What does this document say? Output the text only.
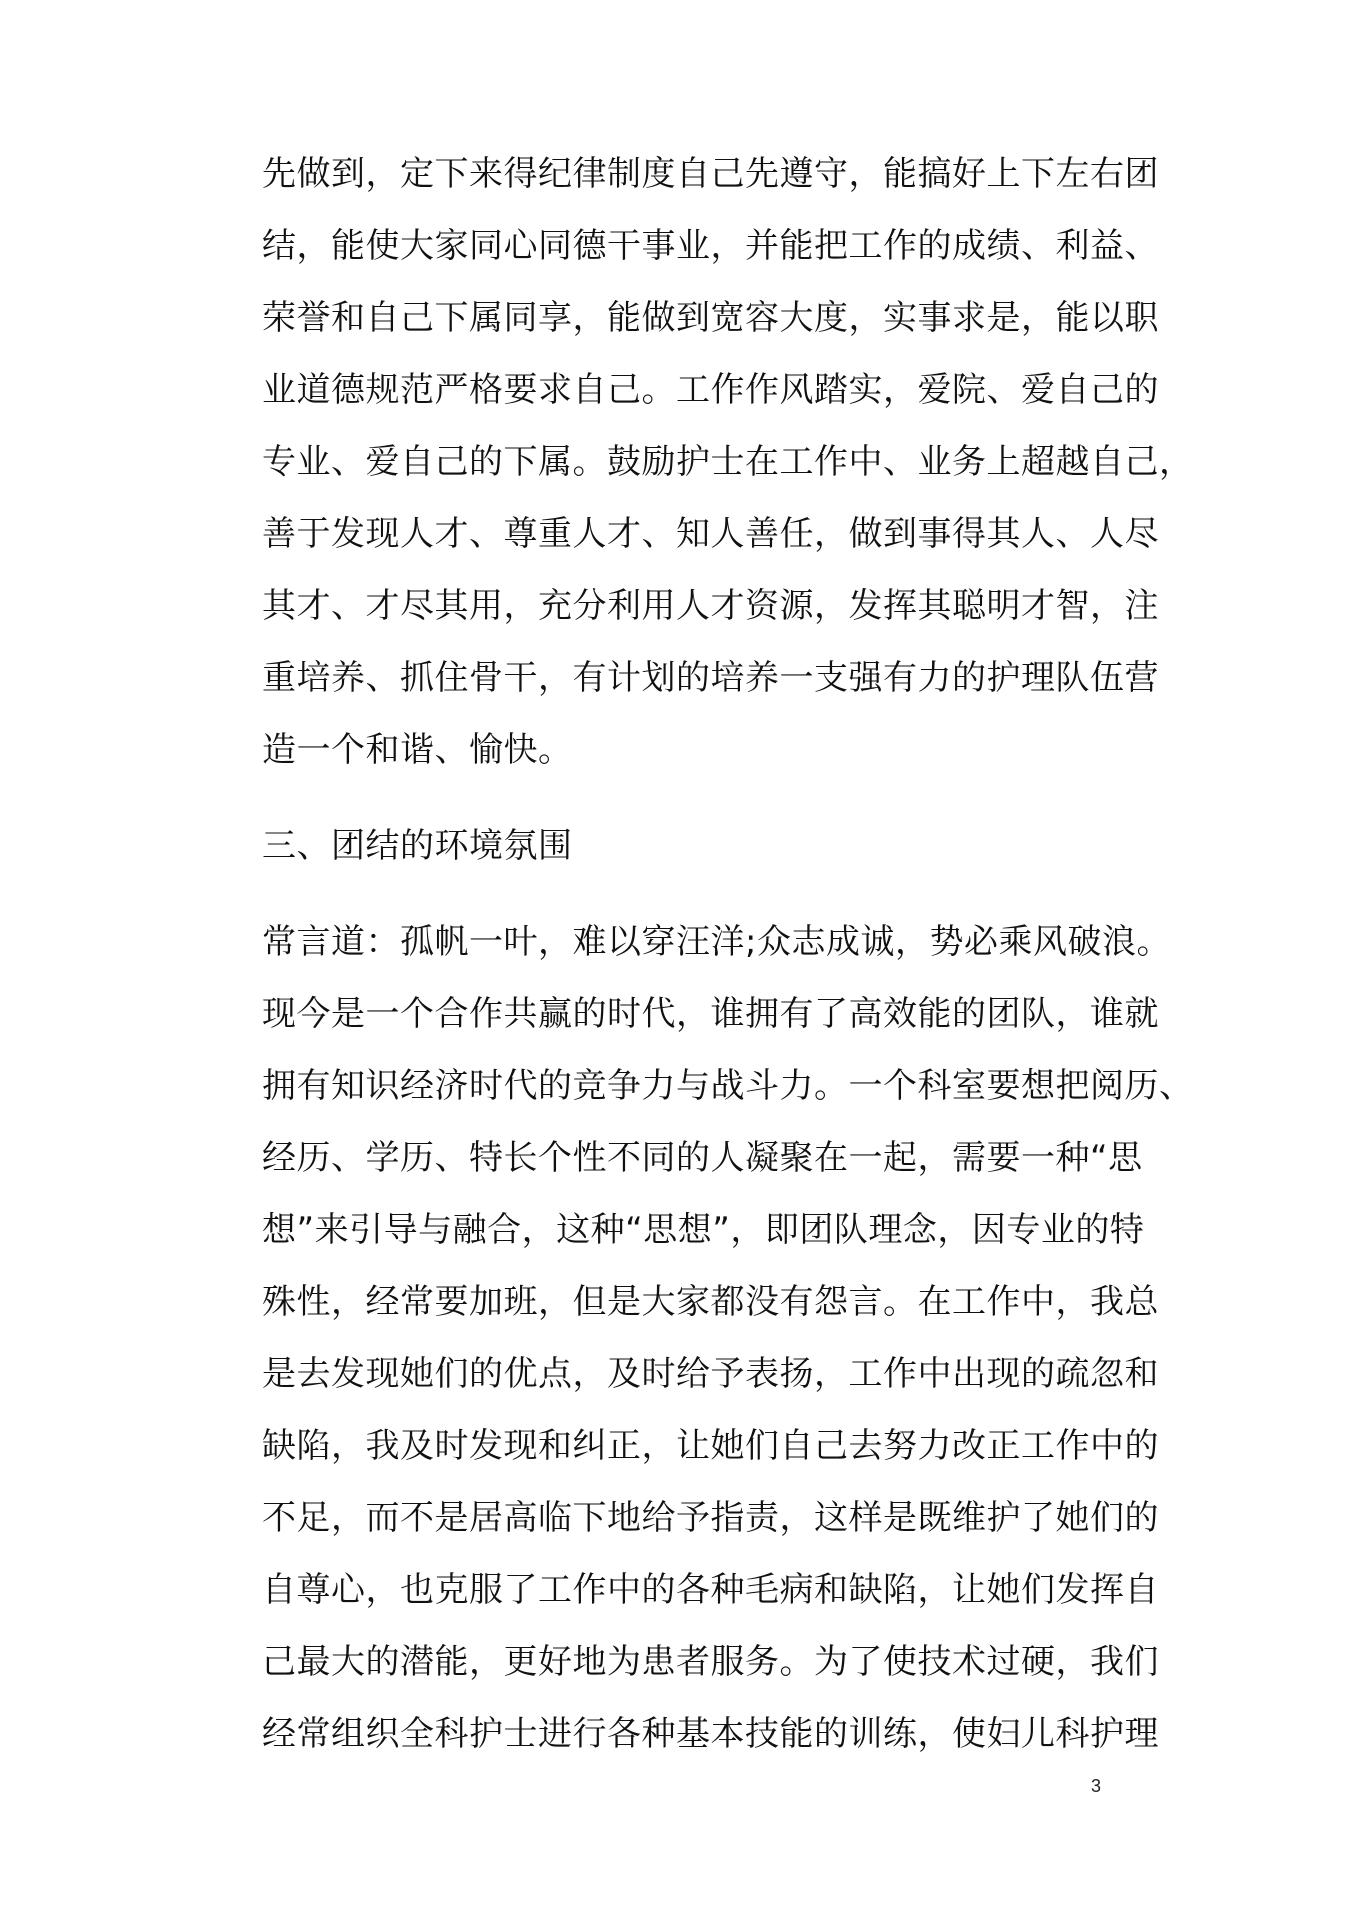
先做到，定下来得纪律制度自己先遵守，能搞好上下左右团
结，能使大家同心同德干事业，并能把工作的成绩、利益、
荣誉和自己下属同享，能做到宽容大度，实事求是，能以职
业道德规范严格要求自己。工作作风踏实，爱院、爱自己的
专业、爱自己的下属。鼓励护士在工作中、业务上超越自己，
善于发现人才、尊重人才、知人善任，做到事得其人、人尽
其才、才尽其用，充分利用人才资源，发挥其聪明才智，注
重培养、抓住骨干，有计划的培养一支强有力的护理队伍营
造一个和谐、愉快。
三、团结的环境氛围
常言道：孤帆一叶，难以穿汪洋;众志成诚，势必乘风破浪。
现今是一个合作共赢的时代，谁拥有了高效能的团队，谁就
拥有知识经济时代的竞争力与战斗力。一个科室要想把阅历、
经历、学历、特长个性不同的人凝聚在一起，需要一种“思
想”来引导与融合，这种“思想”，即团队理念，因专业的特
殊性，经常要加班，但是大家都没有怨言。在工作中，我总
是去发现她们的优点，及时给予表扬，工作中出现的疏忽和
缺陷，我及时发现和纠正，让她们自己去努力改正工作中的
不足，而不是居高临下地给予指责，这样是既维护了她们的
自尊心，也克服了工作中的各种毛病和缺陷，让她们发挥自
己最大的潜能，更好地为患者服务。为了使技术过硬，我们
经常组织全科护士进行各种基本技能的训练，使妇儿科护理
3
